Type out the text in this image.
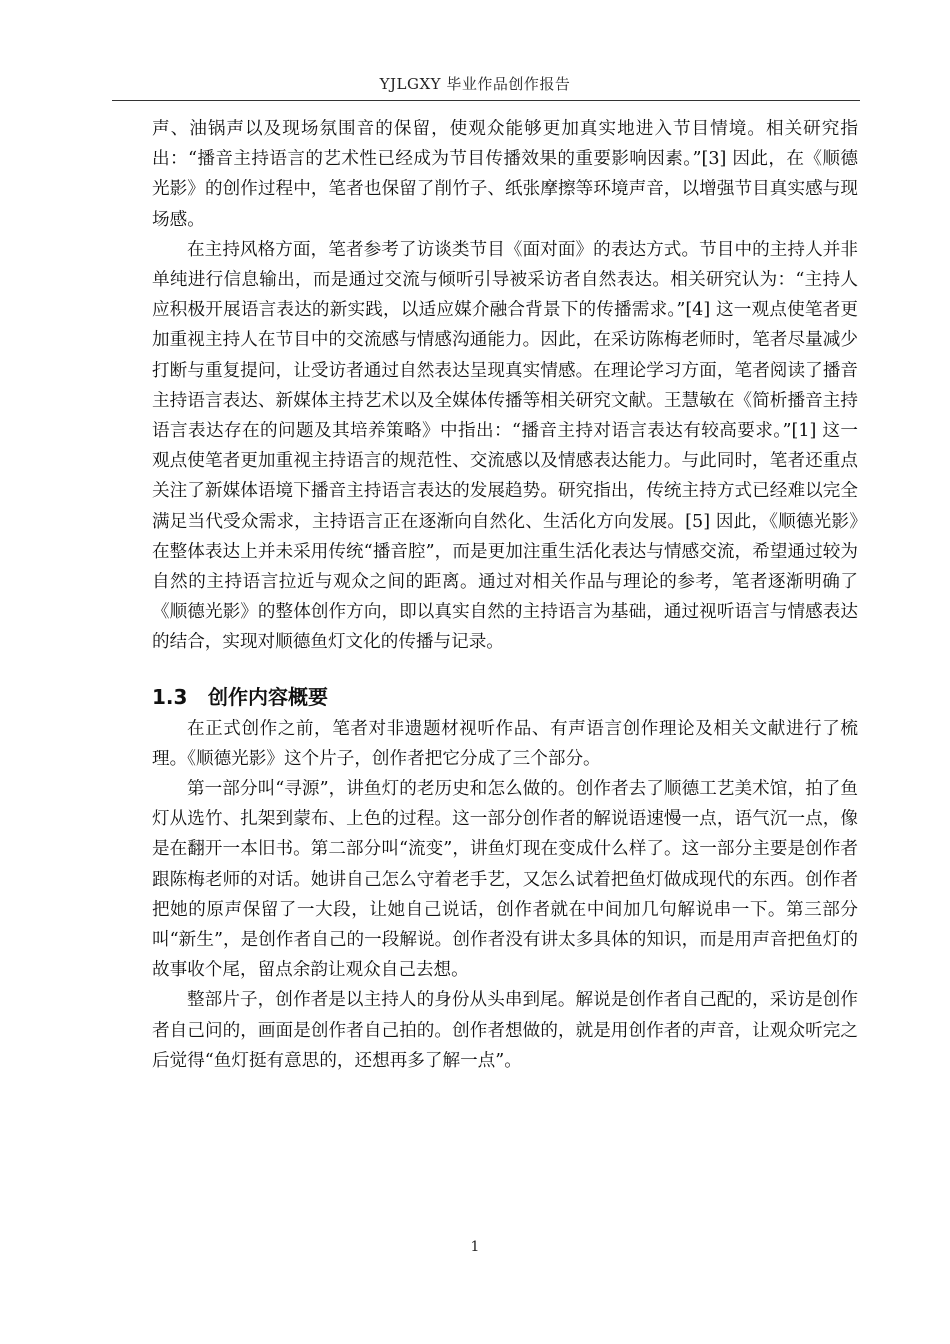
YJLGXY 毕业作品创作报告

声、油锅声以及现场氛围音的保留，使观众能够更加真实地进入节目情境。相关研究指出：“播音主持语言的艺术性已经成为节目传播效果的重要影响因素。”[3] 因此，在《顺德光影》的创作过程中，笔者也保留了削竹子、纸张摩擦等环境声音，以增强节目真实感与现场感。

在主持风格方面，笔者参考了访谈类节目《面对面》的表达方式。节目中的主持人并非单纯进行信息输出，而是通过交流与倾听引导被采访者自然表达。相关研究认为：“主持人应积极开展语言表达的新实践，以适应媒介融合背景下的传播需求。”[4] 这一观点使笔者更加重视主持人在节目中的交流感与情感沟通能力。因此，在采访陈梅老师时，笔者尽量减少打断与重复提问，让受访者通过自然表达呈现真实情感。在理论学习方面，笔者阅读了播音主持语言表达、新媒体主持艺术以及全媒体传播等相关研究文献。王慧敏在《简析播音主持语言表达存在的问题及其培养策略》中指出：“播音主持对语言表达有较高要求。”[1] 这一观点使笔者更加重视主持语言的规范性、交流感以及情感表达能力。与此同时，笔者还重点关注了新媒体语境下播音主持语言表达的发展趋势。研究指出，传统主持方式已经难以完全满足当代受众需求，主持语言正在逐渐向自然化、生活化方向发展。[5] 因此，《顺德光影》在整体表达上并未采用传统“播音腔”，而是更加注重生活化表达与情感交流，希望通过较为自然的主持语言拉近与观众之间的距离。通过对相关作品与理论的参考，笔者逐渐明确了《顺德光影》的整体创作方向，即以真实自然的主持语言为基础，通过视听语言与情感表达的结合，实现对顺德鱼灯文化的传播与记录。

1.3 创作内容概要

在正式创作之前，笔者对非遗题材视听作品、有声语言创作理论及相关文献进行了梳理。《顺德光影》这个片子，创作者把它分成了三个部分。

第一部分叫“寻源”，讲鱼灯的老历史和怎么做的。创作者去了顺德工艺美术馆，拍了鱼灯从选竹、扎架到蒙布、上色的过程。这一部分创作者的解说语速慢一点，语气沉一点，像是在翻开一本旧书。第二部分叫“流变”，讲鱼灯现在变成什么样了。这一部分主要是创作者跟陈梅老师的对话。她讲自己怎么守着老手艺，又怎么试着把鱼灯做成现代的东西。创作者把她的原声保留了一大段，让她自己说话，创作者就在中间加几句解说串一下。第三部分叫“新生”，是创作者自己的一段解说。创作者没有讲太多具体的知识，而是用声音把鱼灯的故事收个尾，留点余韵让观众自己去想。

整部片子，创作者是以主持人的身份从头串到尾。解说是创作者自己配的，采访是创作者自己问的，画面是创作者自己拍的。创作者想做的，就是用创作者的声音，让观众听完之后觉得“鱼灯挺有意思的，还想再多了解一点”。

1
